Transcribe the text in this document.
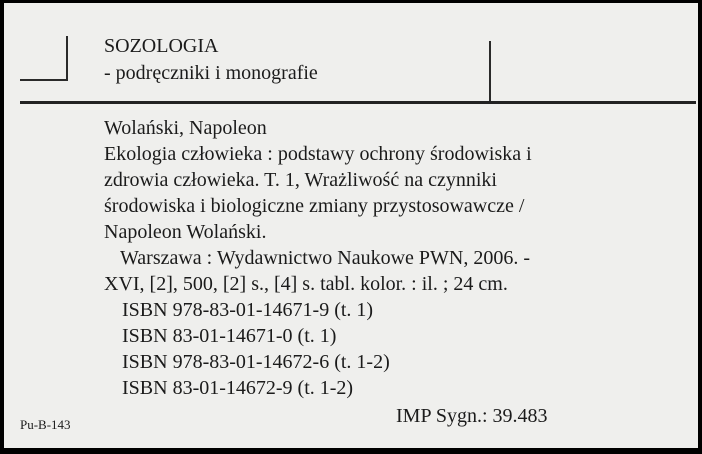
SOZOLOGIA
- podręczniki i monografie
Wolański, Napoleon
Ekologia człowieka : podstawy ochrony środowiska i
zdrowia człowieka. T. 1, Wrażliwość na czynniki
środowiska i biologiczne zmiany przystosowawcze /
Napoleon Wolański.
Warszawa : Wydawnictwo Naukowe PWN, 2006. -
XVI, [2], 500, [2] s., [4] s. tabl. kolor. : il. ; 24 cm.
ISBN 978-83-01-14671-9 (t. 1)
ISBN 83-01-14671-0 (t. 1)
ISBN 978-83-01-14672-6 (t. 1-2)
ISBN 83-01-14672-9 (t. 1-2)
IMP Sygn.: 39.483
Pu-B-143
